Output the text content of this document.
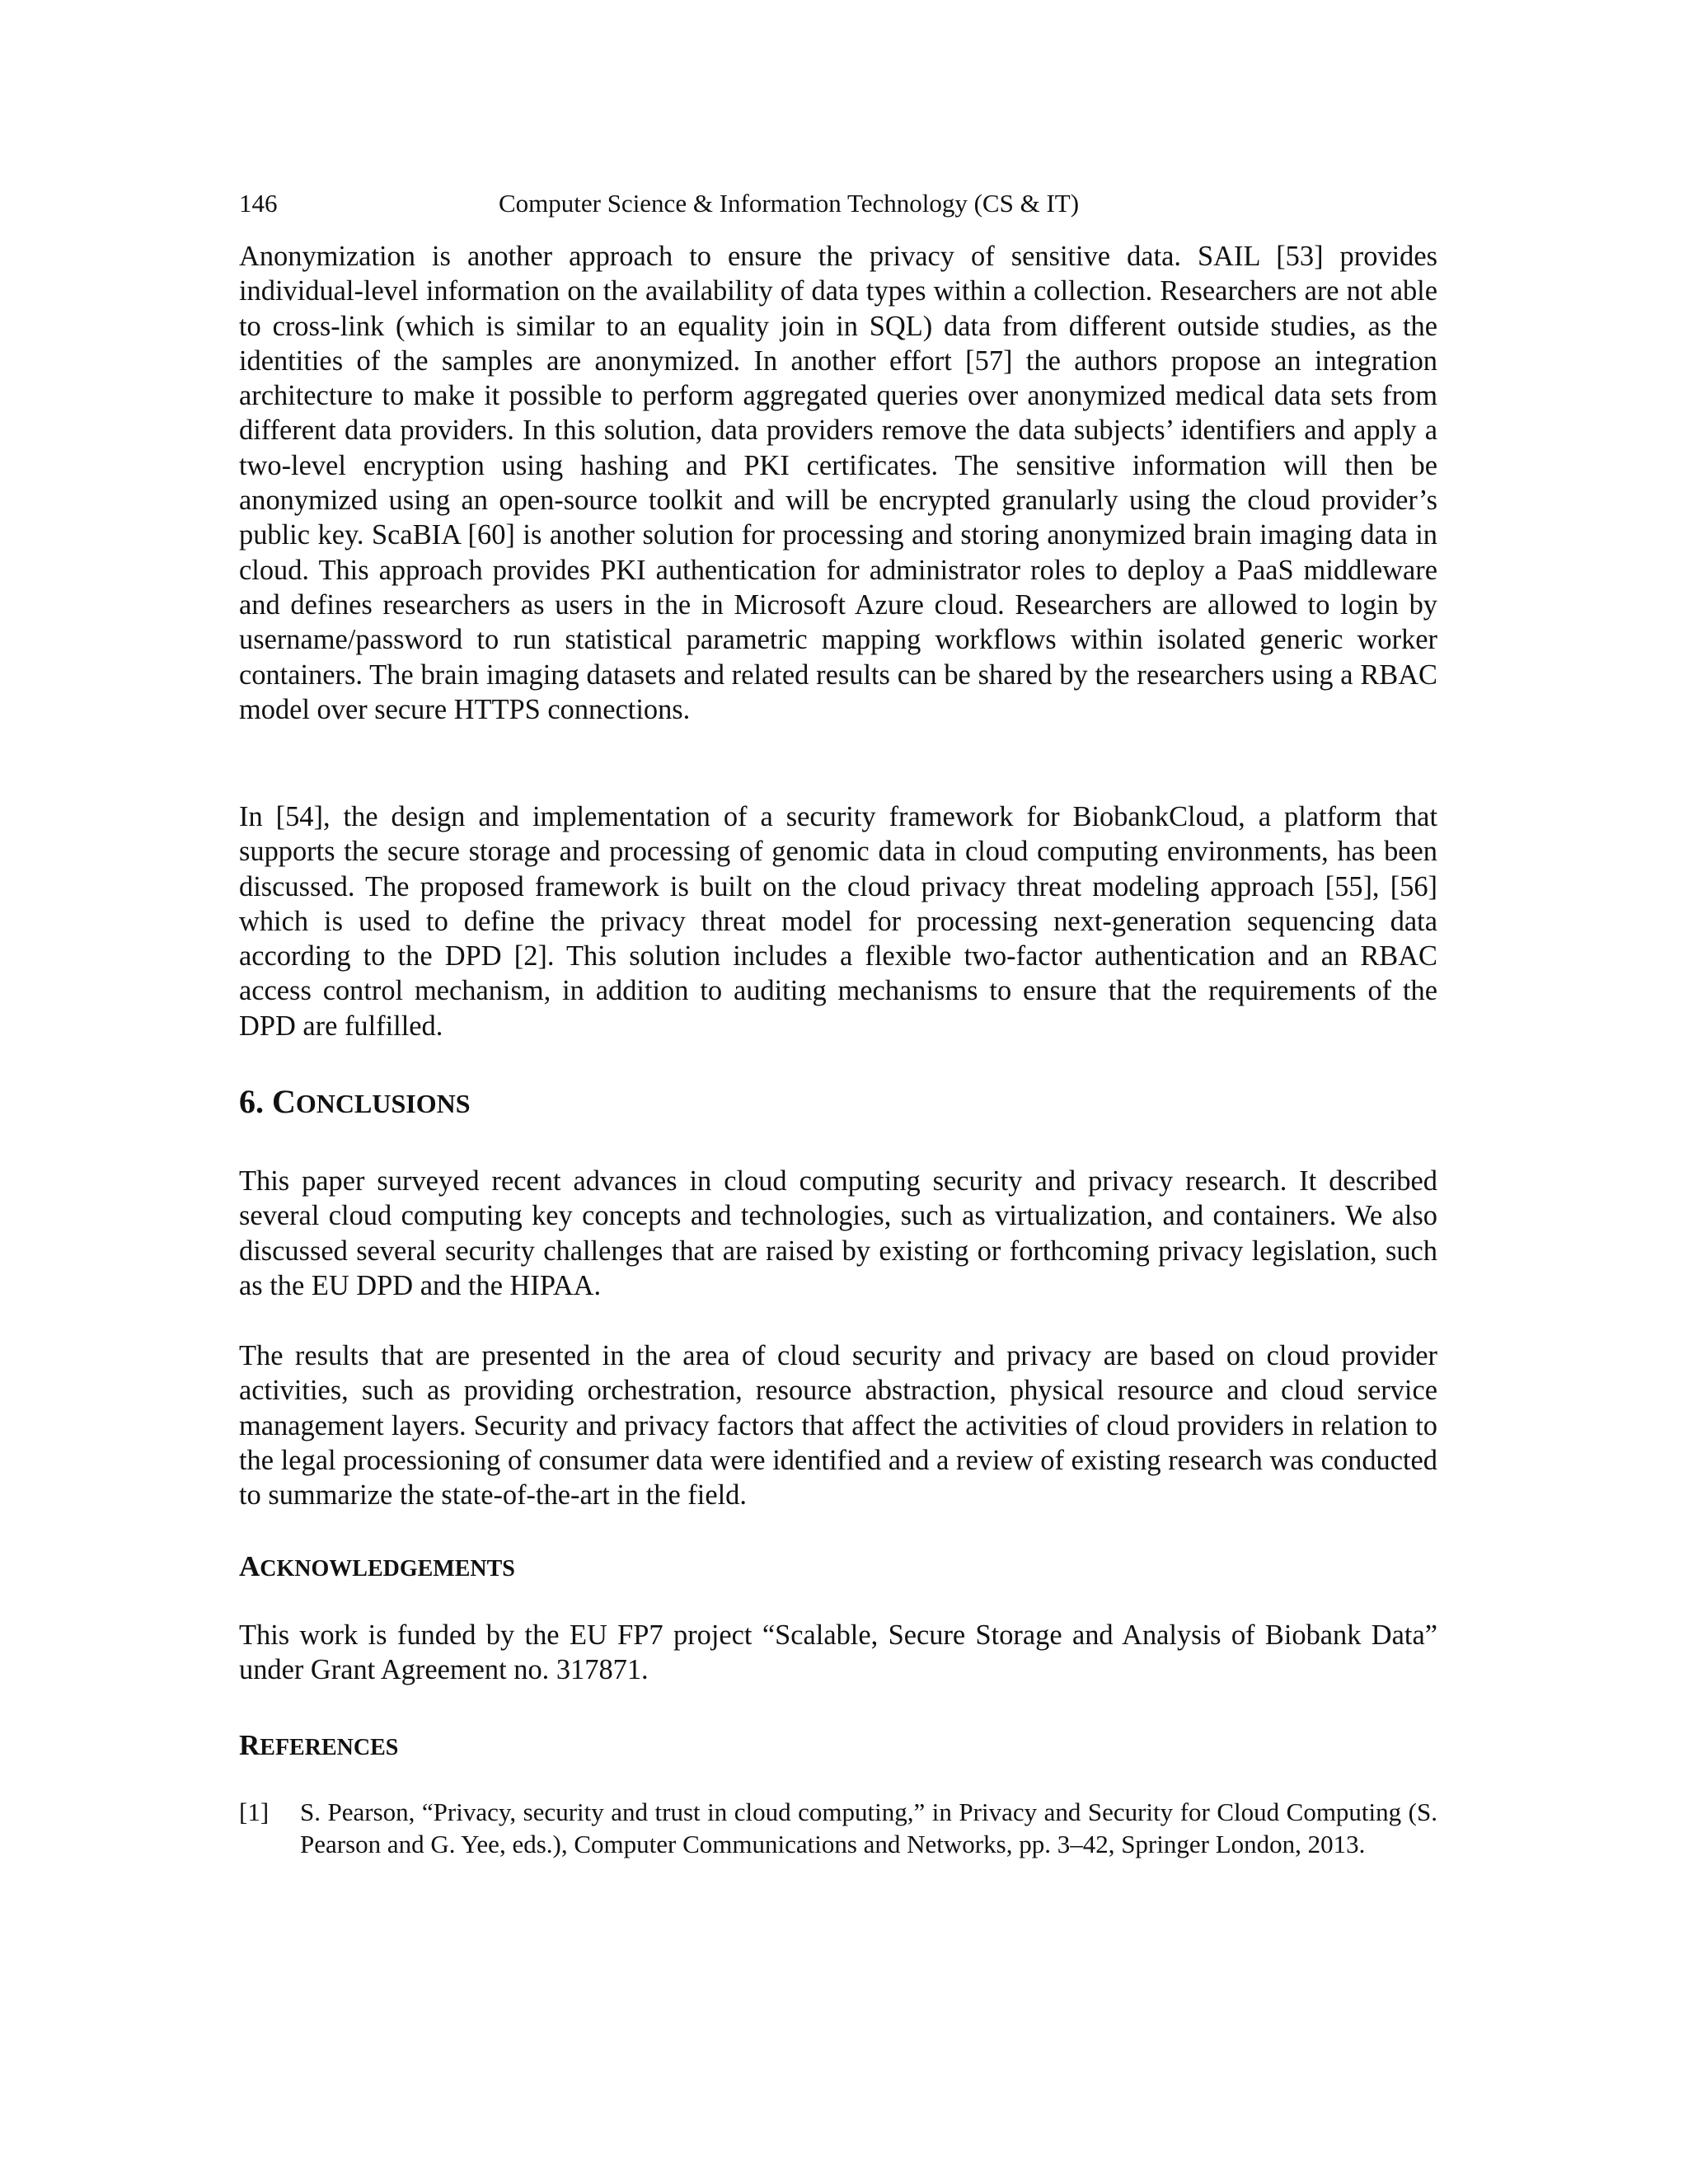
146	Computer Science & Information Technology (CS & IT)

Anonymization is another approach to ensure the privacy of sensitive data. SAIL [53] provides individual-level information on the availability of data types within a collection. Researchers are not able to cross-link (which is similar to an equality join in SQL) data from different outside studies, as the identities of the samples are anonymized. In another effort [57] the authors propose an integration architecture to make it possible to perform aggregated queries over anonymized medical data sets from different data providers. In this solution, data providers remove the data subjects’ identifiers and apply a two-level encryption using hashing and PKI certificates. The sensitive information will then be anonymized using an open-source toolkit and will be encrypted granularly using the cloud provider’s public key. ScaBIA [60] is another solution for processing and storing anonymized brain imaging data in cloud. This approach provides PKI authentication for administrator roles to deploy a PaaS middleware and defines researchers as users in the in Microsoft Azure cloud. Researchers are allowed to login by username/password to run statistical parametric mapping workflows within isolated generic worker containers. The brain imaging datasets and related results can be shared by the researchers using a RBAC model over secure HTTPS connections.

In [54], the design and implementation of a security framework for BiobankCloud, a platform that supports the secure storage and processing of genomic data in cloud computing environments, has been discussed. The proposed framework is built on the cloud privacy threat modeling approach [55], [56] which is used to define the privacy threat model for processing next-generation sequencing data according to the DPD [2]. This solution includes a flexible two-factor authentication and an RBAC access control mechanism, in addition to auditing mechanisms to ensure that the requirements of the DPD are fulfilled.

6. CONCLUSIONS

This paper surveyed recent advances in cloud computing security and privacy research. It described several cloud computing key concepts and technologies, such as virtualization, and containers. We also discussed several security challenges that are raised by existing or forthcoming privacy legislation, such as the EU DPD and the HIPAA.

The results that are presented in the area of cloud security and privacy are based on cloud provider activities, such as providing orchestration, resource abstraction, physical resource and cloud service management layers. Security and privacy factors that affect the activities of cloud providers in relation to the legal processioning of consumer data were identified and a review of existing research was conducted to summarize the state-of-the-art in the field.

ACKNOWLEDGEMENTS

This work is funded by the EU FP7 project “Scalable, Secure Storage and Analysis of Biobank Data” under Grant Agreement no. 317871.

REFERENCES
[1] S. Pearson, “Privacy, security and trust in cloud computing,” in Privacy and Security for Cloud Computing (S. Pearson and G. Yee, eds.), Computer Communications and Networks, pp. 3–42, Springer London, 2013.
